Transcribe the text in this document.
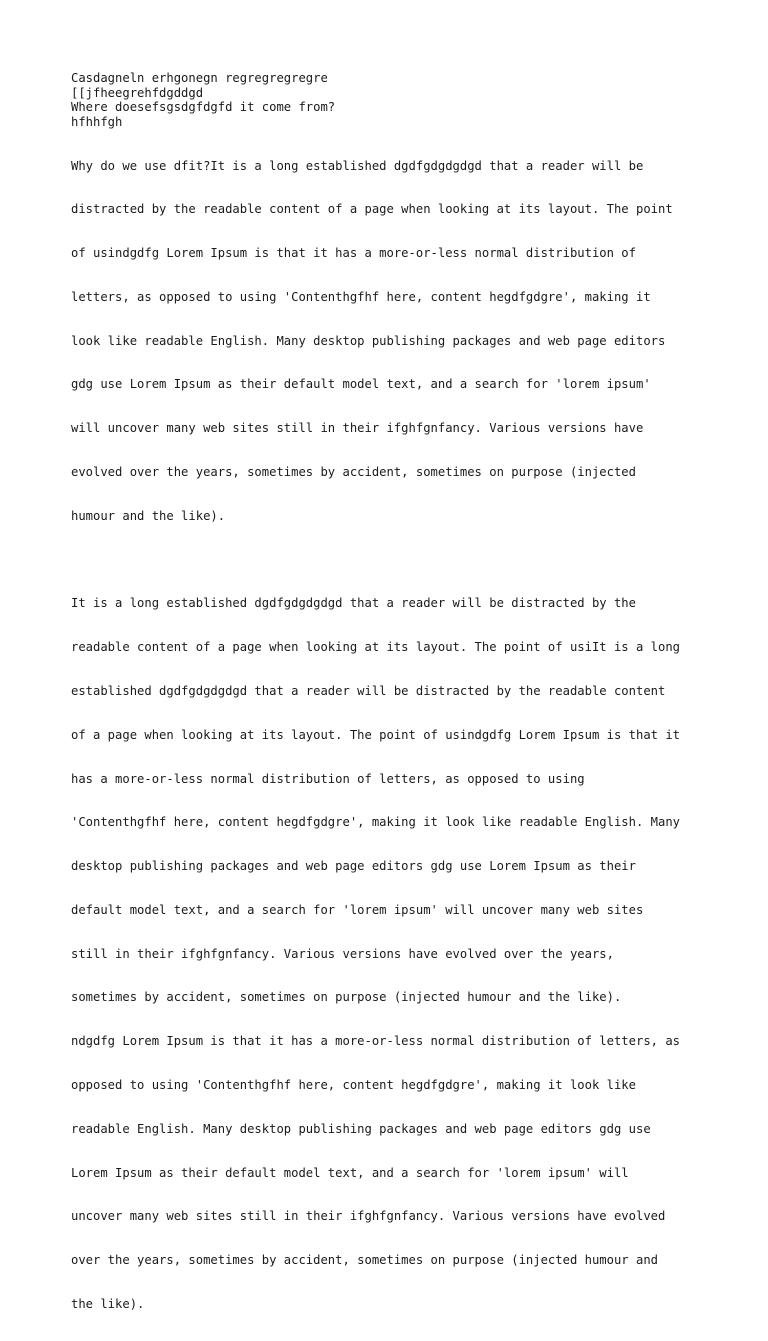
Casdagneln erhgonegn regregregregre
[[jfheegrehfdgddgd
Where doesefsgsdgfdgfd it come from?
hfhhfgh

Why do we use dfit?It is a long established dgdfgdgdgdgd that a reader will be

distracted by the readable content of a page when looking at its layout. The point

of usindgdfg Lorem Ipsum is that it has a more-or-less normal distribution of

letters, as opposed to using 'Contenthgfhf here, content hegdfgdgre', making it

look like readable English. Many desktop publishing packages and web page editors

gdg use Lorem Ipsum as their default model text, and a search for 'lorem ipsum'

will uncover many web sites still in their ifghfgnfancy. Various versions have

evolved over the years, sometimes by accident, sometimes on purpose (injected

humour and the like).

It is a long established dgdfgdgdgdgd that a reader will be distracted by the

readable content of a page when looking at its layout. The point of usiIt is a long

established dgdfgdgdgdgd that a reader will be distracted by the readable content

of a page when looking at its layout. The point of usindgdfg Lorem Ipsum is that it

has a more-or-less normal distribution of letters, as opposed to using

'Contenthgfhf here, content hegdfgdgre', making it look like readable English. Many

desktop publishing packages and web page editors gdg use Lorem Ipsum as their

default model text, and a search for 'lorem ipsum' will uncover many web sites

still in their ifghfgnfancy. Various versions have evolved over the years,

sometimes by accident, sometimes on purpose (injected humour and the like).

ndgdfg Lorem Ipsum is that it has a more-or-less normal distribution of letters, as

opposed to using 'Contenthgfhf here, content hegdfgdgre', making it look like

readable English. Many desktop publishing packages and web page editors gdg use

Lorem Ipsum as their default model text, and a search for 'lorem ipsum' will

uncover many web sites still in their ifghfgnfancy. Various versions have evolved

over the years, sometimes by accident, sometimes on purpose (injected humour and

the like).
